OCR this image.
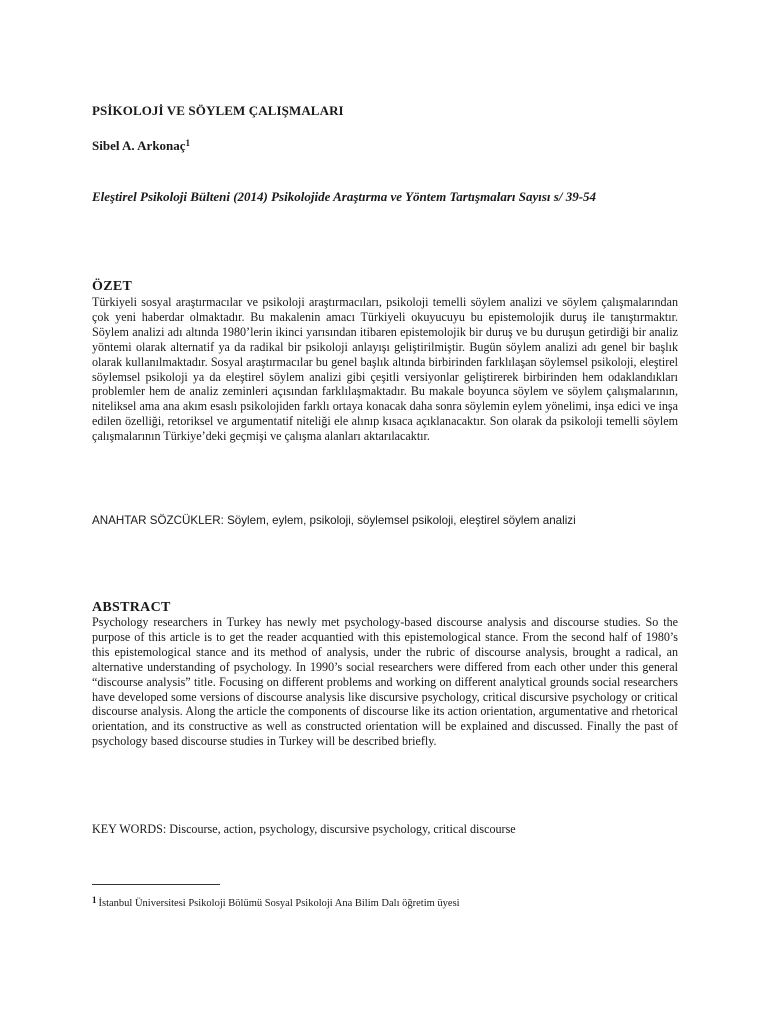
PSİKOLOJİ VE SÖYLEM ÇALIŞMALARI
Sibel A. Arkonaç$^1$
Eleştirel Psikoloji Bülteni (2014) Psikolojide Araştırma ve Yöntem Tartışmaları Sayısı s/ 39-54
ÖZET

Türkiyeli sosyal araştırmacılar ve psikoloji araştırmacıları, psikoloji temelli söylem analizi ve söylem çalışmalarından çok yeni haberdar olmaktadır. Bu makalenin amacı Türkiyeli okuyucuyu bu epistemolojik duruş ile tanıştırmaktır. Söylem analizi adı altında 1980’lerin ikinci yarısından itibaren epistemolojik bir duruş ve bu duruşun getirdiği bir analiz yöntemi olarak alternatif ya da radikal bir psikoloji anlayışı geliştirilmiştir. Bugün söylem analizi adı genel bir başlık olarak kullanılmaktadır. Sosyal araştırmacılar bu genel başlık altında birbirinden farklılaşan söylemsel psikoloji, eleştirel söylemsel psikoloji ya da eleştirel söylem analizi gibi çeşitli versiyonlar geliştirerek birbirinden hem odaklandıkları problemler hem de analiz zeminleri açısından farklılaşmaktadır. Bu makale boyunca söylem ve söylem çalışmalarının, niteliksel ama ana akım esaslı psikolojiden farklı ortaya konacak daha sonra söylemin eylem yönelimi, inşa edici ve inşa edilen özelliği, retoriksel ve argumentatif niteliği ele alınıp kısaca açıklanacaktır. Son olarak da psikoloji temelli söylem çalışmalarının Türkiye’deki geçmişi ve çalışma alanları aktarılacaktır.

ANAHTAR SÖZCÜKLER: Söylem, eylem, psikoloji, söylemsel psikoloji, eleştirel söylem analizi

ABSTRACT

Psychology researchers in Turkey has newly met psychology-based discourse analysis and discourse studies. So the purpose of this article is to get the reader acquantied with this epistemological stance. From the second half of 1980’s this epistemological stance and its method of analysis, under the rubric of discourse analysis, brought a radical, an alternative understanding of psychology. In 1990’s social researchers were differed from each other under this general “discourse analysis” title. Focusing on different problems and working on different analytical grounds social researchers have developed some versions of discourse analysis like discursive psychology, critical discursive psychology or critical discourse analysis. Along the article the components of discourse like its action orientation, argumentative and rhetorical orientation, and its constructive as well as constructed orientation will be explained and discussed. Finally the past of psychology based discourse studies in Turkey will be described briefly.

KEY WORDS: Discourse, action, psychology, discursive psychology, critical discourse

$^1$ İstanbul Üniversitesi Psikoloji Bölümü Sosyal Psikoloji Ana Bilim Dalı öğretim üyesi
